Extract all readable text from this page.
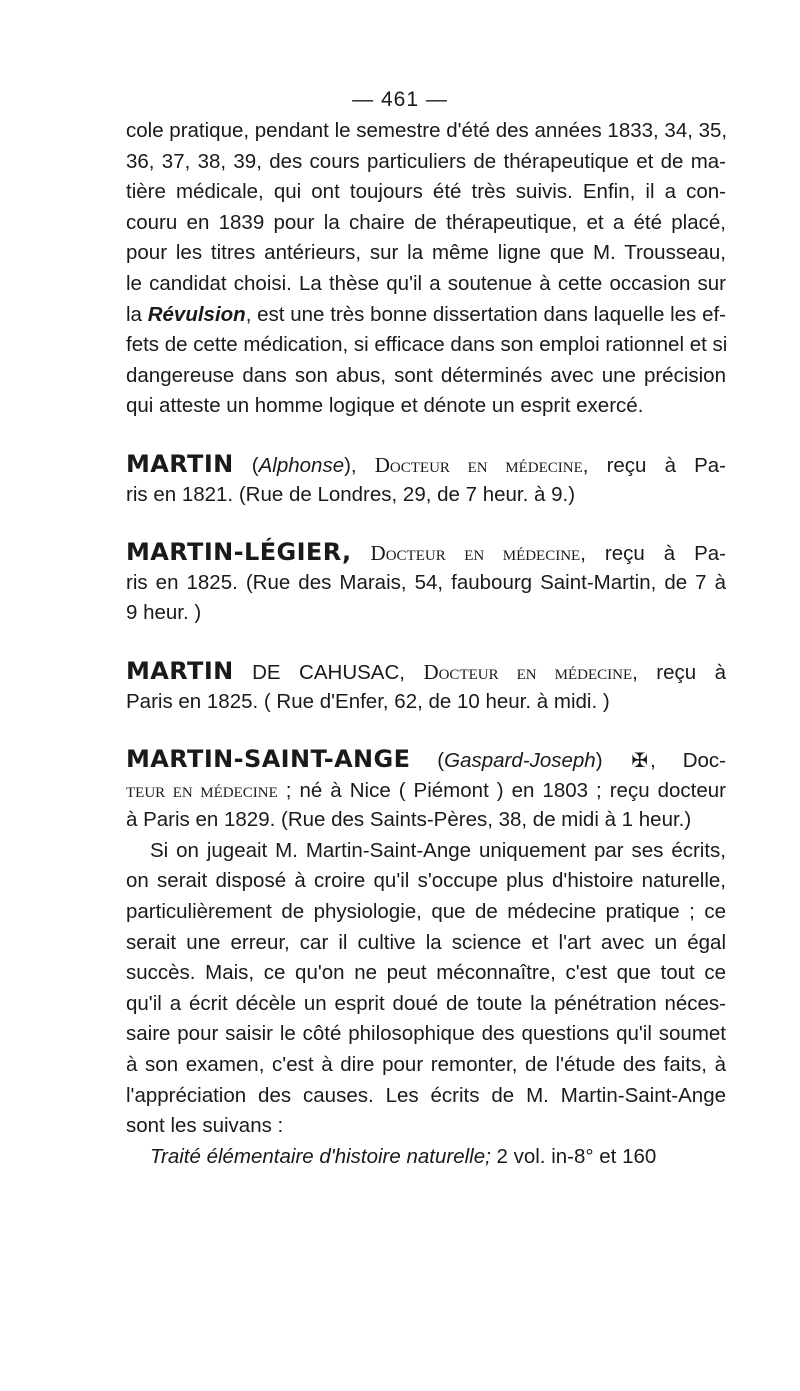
— 461 —
cole pratique, pendant le semestre d'été des années 1833, 34, 35,
36, 37, 38, 39, des cours particuliers de thérapeutique et de ma-
tière médicale, qui ont toujours été très suivis. Enfin, il a con-
couru en 1839 pour la chaire de thérapeutique, et a été placé,
pour les titres antérieurs, sur la même ligne que M. Trousseau,
le candidat choisi. La thèse qu'il a soutenue à cette occasion sur
la Révulsion, est une très bonne dissertation dans laquelle les ef-
fets de cette médication, si efficace dans son emploi rationnel et si
dangereuse dans son abus, sont déterminés avec une précision
qui atteste un homme logique et dénote un esprit exercé.
MARTIN (Alphonse), Docteur en médecine, reçu à Pa-
ris en 1821. (Rue de Londres, 29, de 7 heur. à 9.)
MARTIN-LÉGIER, Docteur en médecine, reçu à Pa-
ris en 1825. (Rue des Marais, 54, faubourg Saint-Martin, de 7 à
9 heur. )
MARTIN DE CAHUSAC, Docteur en médecine, reçu à
Paris en 1825. ( Rue d'Enfer, 62, de 10 heur. à midi. )
MARTIN-SAINT-ANGE (Gaspard-Joseph) ✠, Doc-
teur en médecine ; né à Nice ( Piémont ) en 1803 ; reçu docteur
à Paris en 1829. (Rue des Saints-Pères, 38, de midi à 1 heur.)
Si on jugeait M. Martin-Saint-Ange uniquement par ses écrits,
on serait disposé à croire qu'il s'occupe plus d'histoire naturelle,
particulièrement de physiologie, que de médecine pratique ; ce
serait une erreur, car il cultive la science et l'art avec un égal
succès. Mais, ce qu'on ne peut méconnaître, c'est que tout ce
qu'il a écrit décèle un esprit doué de toute la pénétration néces-
saire pour saisir le côté philosophique des questions qu'il soumet
à son examen, c'est à dire pour remonter, de l'étude des faits, à
l'appréciation des causes. Les écrits de M. Martin-Saint-Ange
sont les suivans :
Traité élémentaire d'histoire naturelle; 2 vol. in-8° et 160
